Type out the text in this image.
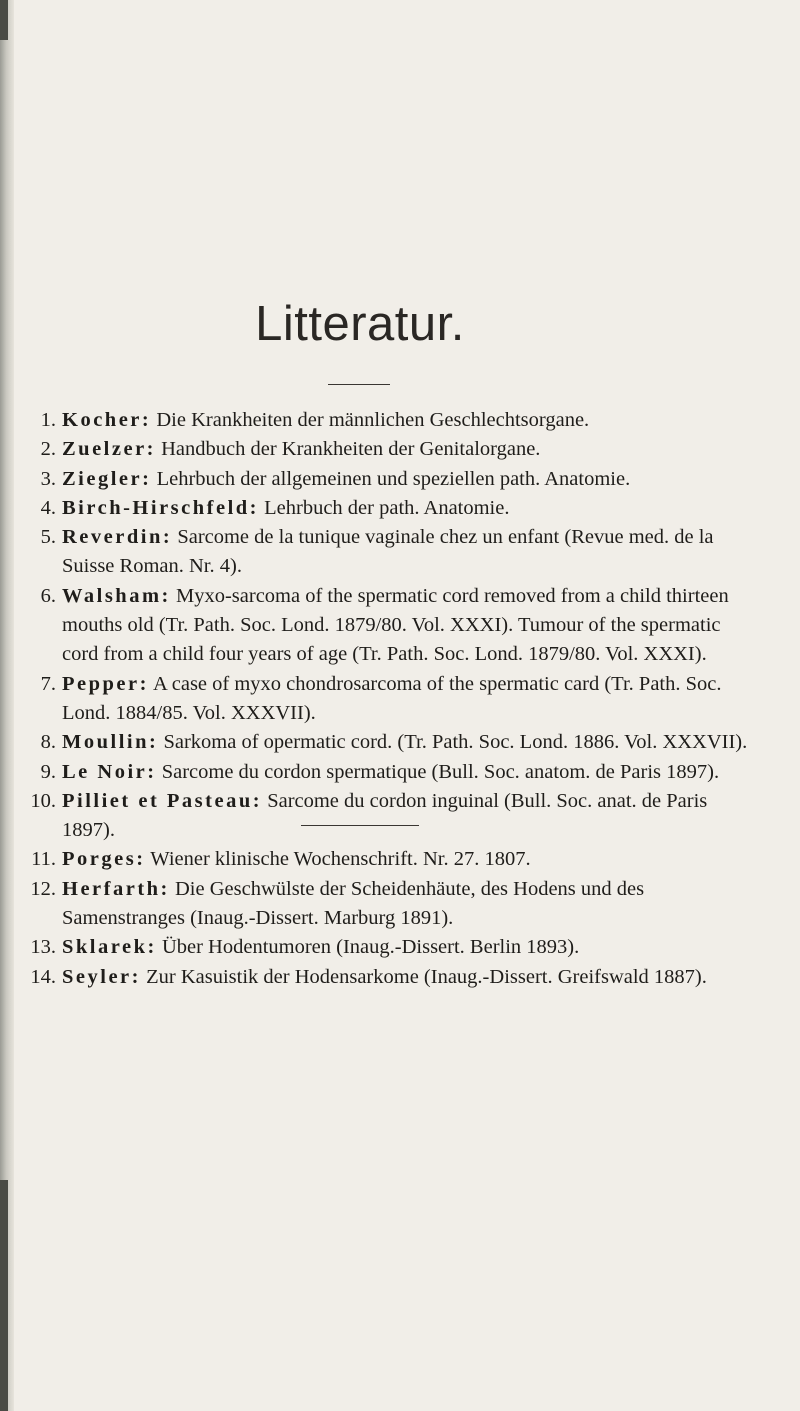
Litteratur.
1. Kocher: Die Krankheiten der männlichen Geschlechtsorgane.
2. Zuelzer: Handbuch der Krankheiten der Genitalorgane.
3. Ziegler: Lehrbuch der allgemeinen und speziellen path. Anatomie.
4. Birch-Hirschfeld: Lehrbuch der path. Anatomie.
5. Reverdin: Sarcome de la tunique vaginale chez un enfant (Revue med. de la Suisse Roman. Nr. 4).
6. Walsham: Myxo-sarcoma of the spermatic cord removed from a child thirteen mouths old (Tr. Path. Soc. Lond. 1879/80. Vol. XXXI). Tumour of the spermatic cord from a child four years of age (Tr. Path. Soc. Lond. 1879/80. Vol. XXXI).
7. Pepper: A case of myxo chondrosarcoma of the spermatic card (Tr. Path. Soc. Lond. 1884/85. Vol. XXXVII).
8. Moullin: Sarkoma of opermatic cord. (Tr. Path. Soc. Lond. 1886. Vol. XXXVII).
9. Le Noir: Sarcome du cordon spermatique (Bull. Soc. anatom. de Paris 1897).
10. Pilliet et Pasteau: Sarcome du cordon inguinal (Bull. Soc. anat. de Paris 1897).
11. Porges: Wiener klinische Wochenschrift. Nr. 27. 1807.
12. Herfarth: Die Geschwülste der Scheidenhäute, des Hodens und des Samenstranges (Inaug.-Dissert. Marburg 1891).
13. Sklarek: Über Hodentumoren (Inaug.-Dissert. Berlin 1893).
14. Seyler: Zur Kasuistik der Hodensarkome (Inaug.-Dissert. Greifswald 1887).
